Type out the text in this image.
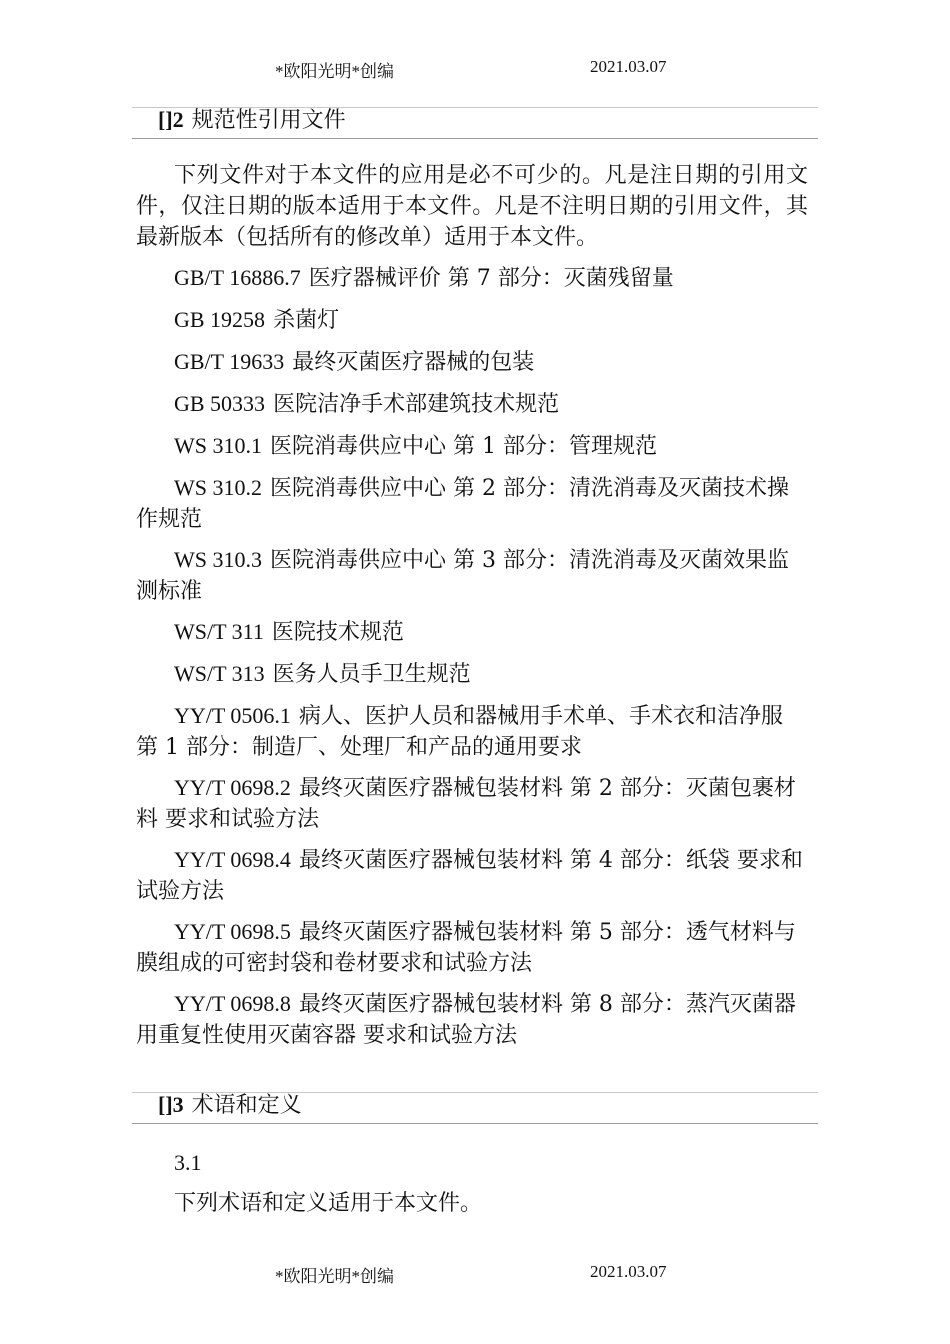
*欧阳光明*创编	2021.03.07
[]2 规范性引用文件
下列文件对于本文件的应用是必不可少的。凡是注日期的引用文件，仅注日期的版本适用于本文件。凡是不注明日期的引用文件，其最新版本（包括所有的修改单）适用于本文件。
GB/T 16886.7 医疗器械评价 第 7 部分：灭菌残留量
GB 19258 杀菌灯
GB/T 19633 最终灭菌医疗器械的包装
GB 50333 医院洁净手术部建筑技术规范
WS 310.1 医院消毒供应中心 第 1 部分：管理规范
WS 310.2 医院消毒供应中心 第 2 部分：清洗消毒及灭菌技术操作规范
WS 310.3 医院消毒供应中心 第 3 部分：清洗消毒及灭菌效果监测标准
WS/T 311 医院技术规范
WS/T 313 医务人员手卫生规范
YY/T 0506.1 病人、医护人员和器械用手术单、手术衣和洁净服 第 1 部分：制造厂、处理厂和产品的通用要求
YY/T 0698.2 最终灭菌医疗器械包装材料 第 2 部分：灭菌包裹材料 要求和试验方法
YY/T 0698.4 最终灭菌医疗器械包装材料 第 4 部分：纸袋 要求和试验方法
YY/T 0698.5 最终灭菌医疗器械包装材料 第 5 部分：透气材料与膜组成的可密封袋和卷材要求和试验方法
YY/T 0698.8 最终灭菌医疗器械包装材料 第 8 部分：蒸汽灭菌器用重复性使用灭菌容器 要求和试验方法
[]3 术语和定义
3.1
下列术语和定义适用于本文件。
*欧阳光明*创编	2021.03.07
